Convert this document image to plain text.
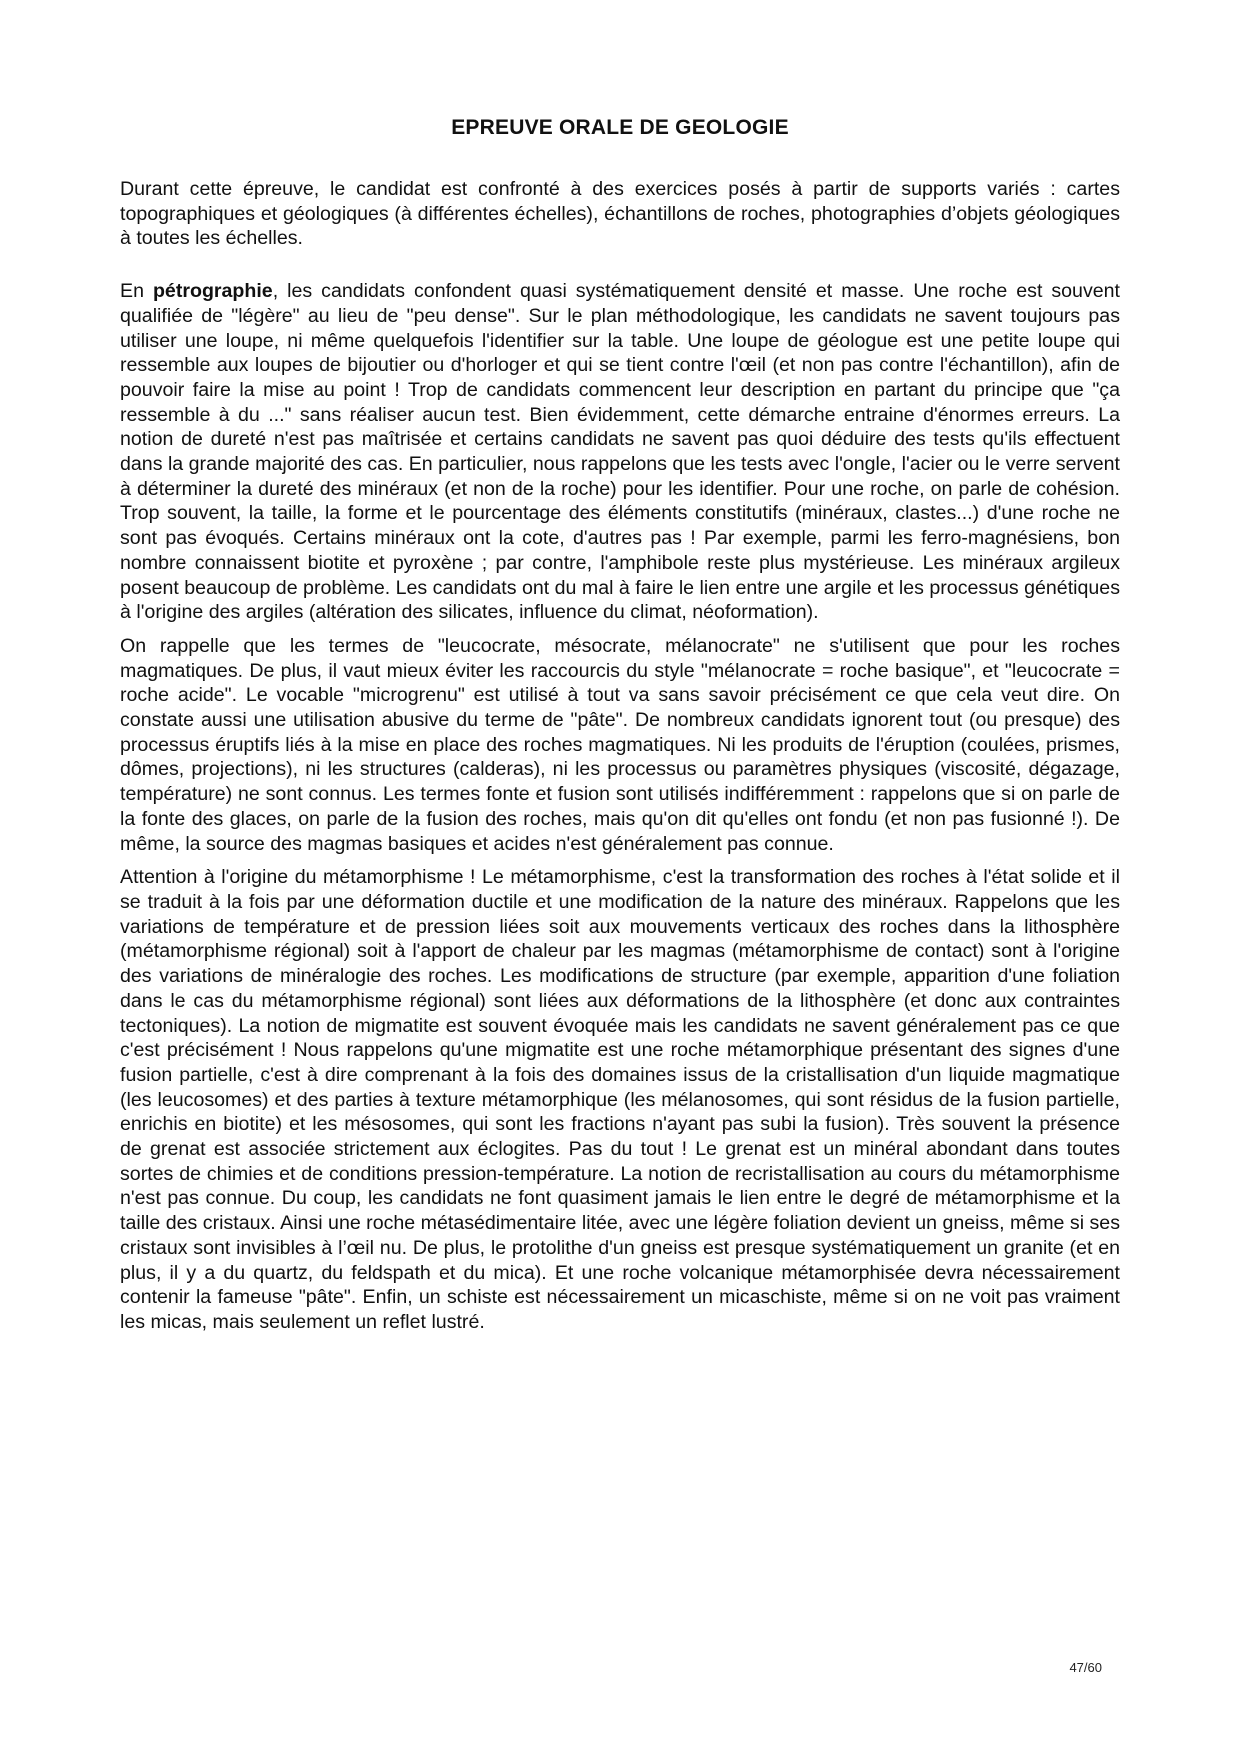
EPREUVE ORALE DE GEOLOGIE

Durant cette épreuve, le candidat est confronté à des exercices posés à partir de supports variés : cartes topographiques et géologiques (à différentes échelles), échantillons de roches, photographies d’objets géologiques à toutes les échelles.

En pétrographie, les candidats confondent quasi systématiquement densité et masse. Une roche est souvent qualifiée de "légère" au lieu de "peu dense". Sur le plan méthodologique, les candidats ne savent toujours pas utiliser une loupe, ni même quelquefois l'identifier sur la table. Une loupe de géologue est une petite loupe qui ressemble aux loupes de bijoutier ou d'horloger et qui se tient contre l'œil (et non pas contre l'échantillon), afin de pouvoir faire la mise au point ! Trop de candidats commencent leur description en partant du principe que "ça ressemble à du ..." sans réaliser aucun test. Bien évidemment, cette démarche entraine d'énormes erreurs. La notion de dureté n'est pas maîtrisée et certains candidats ne savent pas quoi déduire des tests qu'ils effectuent dans la grande majorité des cas. En particulier, nous rappelons que les tests avec l'ongle, l'acier ou le verre servent à déterminer la dureté des minéraux (et non de la roche) pour les identifier. Pour une roche, on parle de cohésion. Trop souvent, la taille, la forme et le pourcentage des éléments constitutifs (minéraux, clastes...) d'une roche ne sont pas évoqués. Certains minéraux ont la cote, d'autres pas ! Par exemple, parmi les ferro-magnésiens, bon nombre connaissent biotite et pyroxène ; par contre, l'amphibole reste plus mystérieuse. Les minéraux argileux posent beaucoup de problème. Les candidats ont du mal à faire le lien entre une argile et les processus génétiques à l'origine des argiles (altération des silicates, influence du climat, néoformation).

On rappelle que les termes de "leucocrate, mésocrate, mélanocrate" ne s'utilisent que pour les roches magmatiques. De plus, il vaut mieux éviter les raccourcis du style "mélanocrate = roche basique", et "leucocrate = roche acide". Le vocable "microgrenu" est utilisé à tout va sans savoir précisément ce que cela veut dire. On constate aussi une utilisation abusive du terme de "pâte". De nombreux candidats ignorent tout (ou presque) des processus éruptifs liés à la mise en place des roches magmatiques. Ni les produits de l'éruption (coulées, prismes, dômes, projections), ni les structures (calderas), ni les processus ou paramètres physiques (viscosité, dégazage, température) ne sont connus. Les termes fonte et fusion sont utilisés indifféremment : rappelons que si on parle de la fonte des glaces, on parle de la fusion des roches, mais qu'on dit qu'elles ont fondu (et non pas fusionné !). De même, la source des magmas basiques et acides n'est généralement pas connue.

Attention à l'origine du métamorphisme ! Le métamorphisme, c'est la transformation des roches à l'état solide et il se traduit à la fois par une déformation ductile et une modification de la nature des minéraux. Rappelons que les variations de température et de pression liées soit aux mouvements verticaux des roches dans la lithosphère (métamorphisme régional) soit à l'apport de chaleur par les magmas (métamorphisme de contact) sont à l'origine des variations de minéralogie des roches. Les modifications de structure (par exemple, apparition d'une foliation dans le cas du métamorphisme régional) sont liées aux déformations de la lithosphère (et donc aux contraintes tectoniques). La notion de migmatite est souvent évoquée mais les candidats ne savent généralement pas ce que c'est précisément ! Nous rappelons qu'une migmatite est une roche métamorphique présentant des signes d'une fusion partielle, c'est à dire comprenant à la fois des domaines issus de la cristallisation d'un liquide magmatique (les leucosomes) et des parties à texture métamorphique (les mélanosomes, qui sont résidus de la fusion partielle, enrichis en biotite) et les mésosomes, qui sont les fractions n'ayant pas subi la fusion). Très souvent la présence de grenat est associée strictement aux éclogites. Pas du tout ! Le grenat est un minéral abondant dans toutes sortes de chimies et de conditions pression-température. La notion de recristallisation au cours du métamorphisme n'est pas connue. Du coup, les candidats ne font quasiment jamais le lien entre le degré de métamorphisme et la taille des cristaux. Ainsi une roche métasédimentaire litée, avec une légère foliation devient un gneiss, même si ses cristaux sont invisibles à l’œil nu. De plus, le protolithe d'un gneiss est presque systématiquement un granite (et en plus, il y a du quartz, du feldspath et du mica). Et une roche volcanique métamorphisée devra nécessairement contenir la fameuse "pâte". Enfin, un schiste est nécessairement un micaschiste, même si on ne voit pas vraiment les micas, mais seulement un reflet lustré.

47/60
